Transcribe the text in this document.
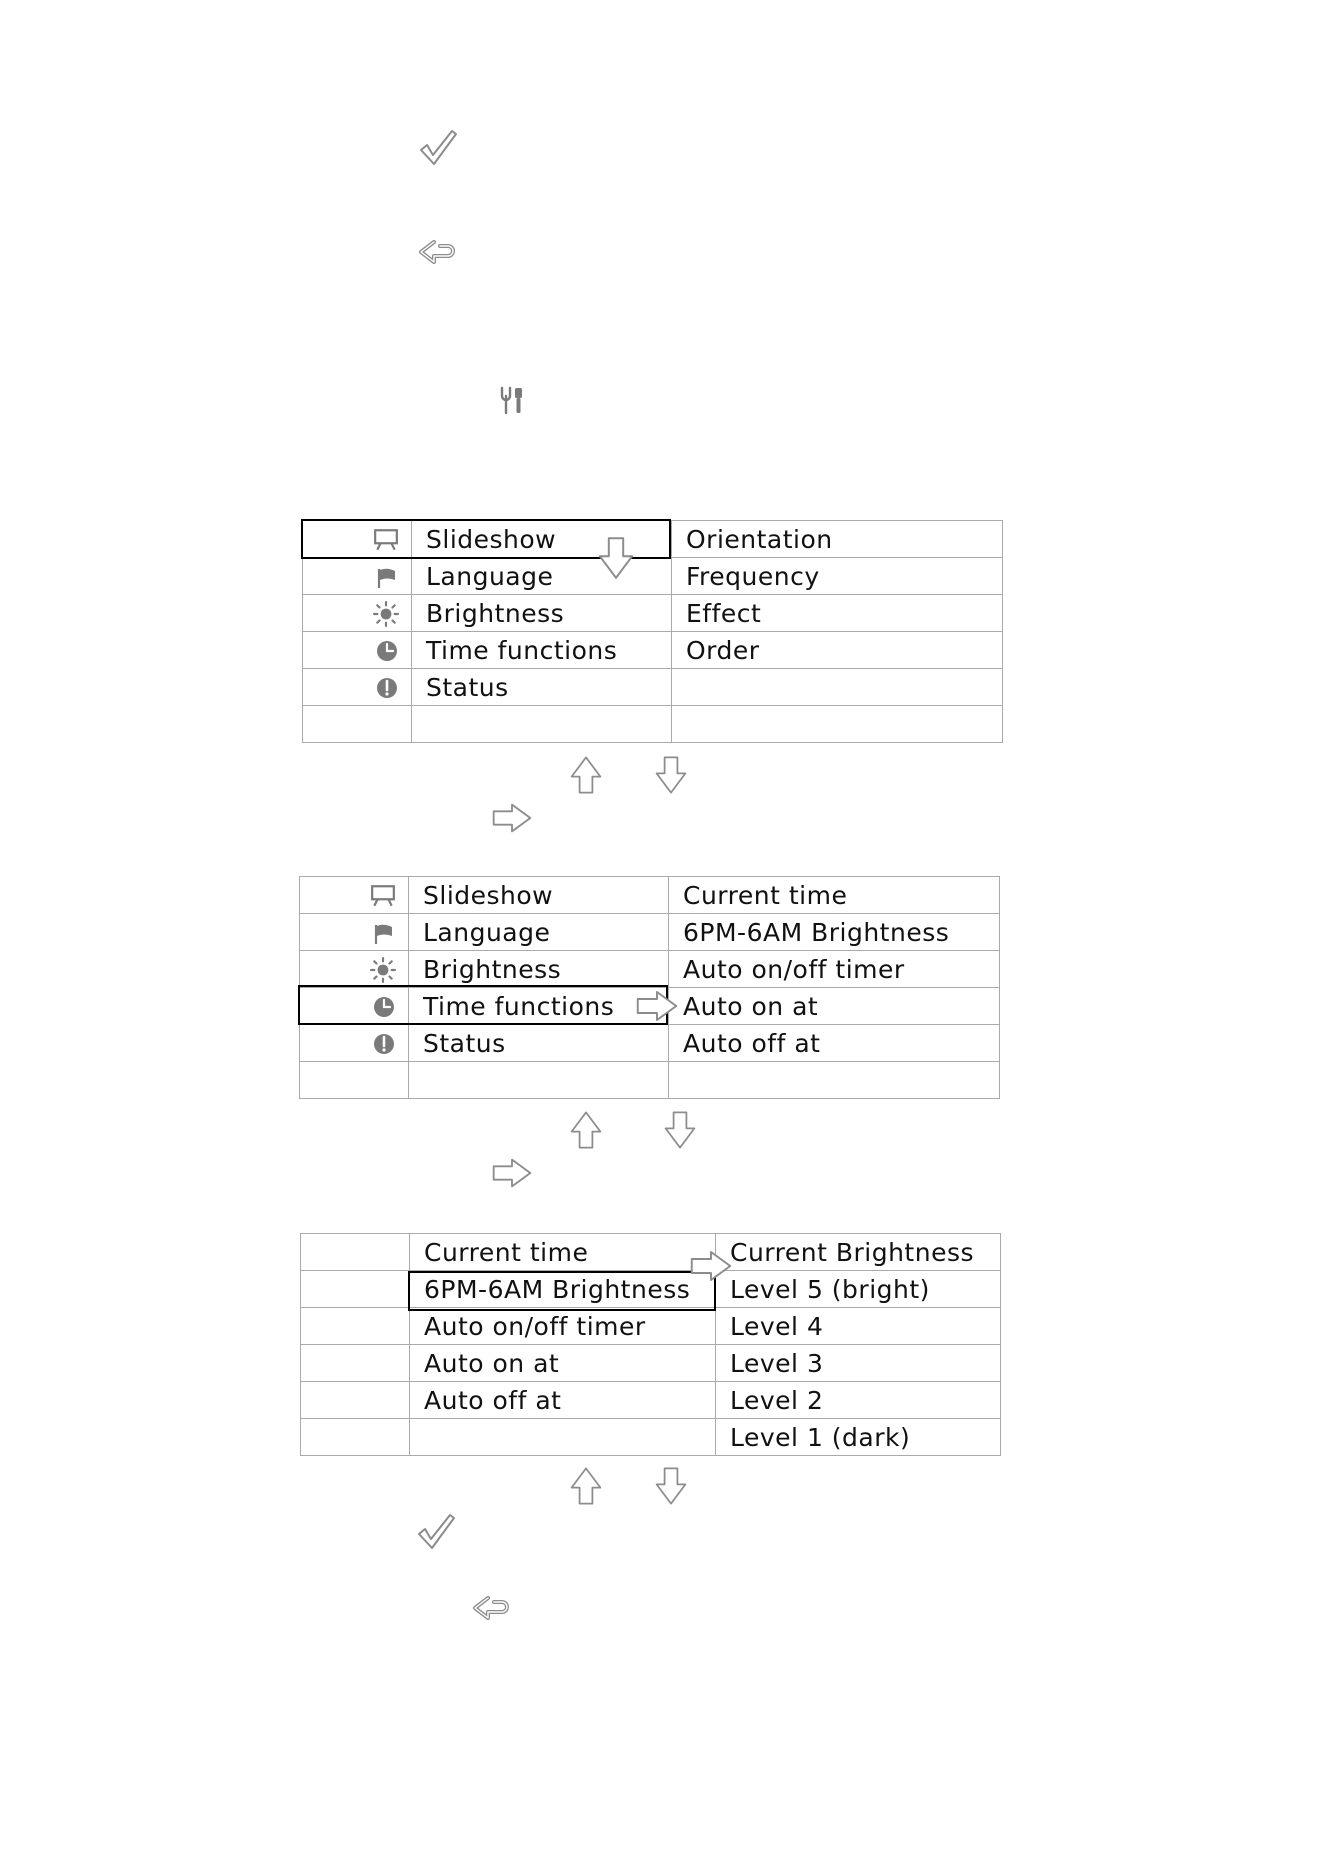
	Slideshow	Orientation
	Language	Frequency
	Brightness	Effect
	Time functions	Order
	Status	

	Slideshow	Current time
	Language	6PM-6AM Brightness
	Brightness	Auto on/off timer
	Time functions	Auto on at
	Status	Auto off at

	Current time	Current Brightness
	6PM-6AM Brightness	Level 5 (bright)
	Auto on/off timer	Level 4
	Auto on at	Level 3
	Auto off at	Level 2
		Level 1 (dark)
